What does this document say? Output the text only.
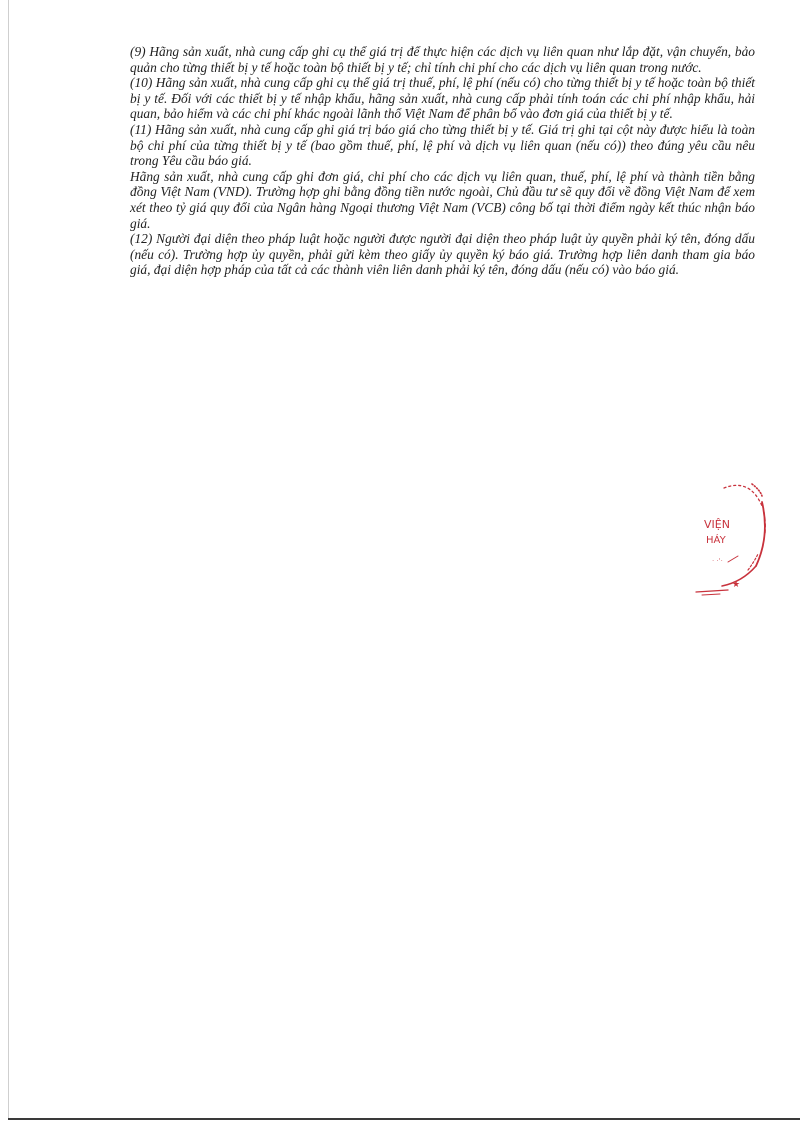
(9) Hãng sản xuất, nhà cung cấp ghi cụ thể giá trị để thực hiện các dịch vụ liên quan như lắp đặt, vận chuyển, bảo quản cho từng thiết bị y tế hoặc toàn bộ thiết bị y tế; chỉ tính chi phí cho các dịch vụ liên quan trong nước.

(10) Hãng sản xuất, nhà cung cấp ghi cụ thể giá trị thuế, phí, lệ phí (nếu có) cho từng thiết bị y tế hoặc toàn bộ thiết bị y tế. Đối với các thiết bị y tế nhập khẩu, hãng sản xuất, nhà cung cấp phải tính toán các chi phí nhập khẩu, hải quan, bảo hiểm và các chi phí khác ngoài lãnh thổ Việt Nam để phân bổ vào đơn giá của thiết bị y tế.

(11) Hãng sản xuất, nhà cung cấp ghi giá trị báo giá cho từng thiết bị y tế. Giá trị ghi tại cột này được hiểu là toàn bộ chi phí của từng thiết bị y tế (bao gồm thuế, phí, lệ phí và dịch vụ liên quan (nếu có)) theo đúng yêu cầu nêu trong Yêu cầu báo giá.

Hãng sản xuất, nhà cung cấp ghi đơn giá, chi phí cho các dịch vụ liên quan, thuế, phí, lệ phí và thành tiền bằng đồng Việt Nam (VND). Trường hợp ghi bằng đồng tiền nước ngoài, Chủ đầu tư sẽ quy đổi về đồng Việt Nam để xem xét theo tỷ giá quy đổi của Ngân hàng Ngoại thương Việt Nam (VCB) công bố tại thời điểm ngày kết thúc nhận báo giá.

(12) Người đại diện theo pháp luật hoặc người được người đại diện theo pháp luật ủy quyền phải ký tên, đóng dấu (nếu có). Trường hợp ủy quyền, phải gửi kèm theo giấy ủy quyền ký báo giá. Trường hợp liên danh tham gia báo giá, đại diện hợp pháp của tất cả các thành viên liên danh phải ký tên, đóng dấu (nếu có) vào báo giá.

VIỆN
HÁY
· ·'·
★
